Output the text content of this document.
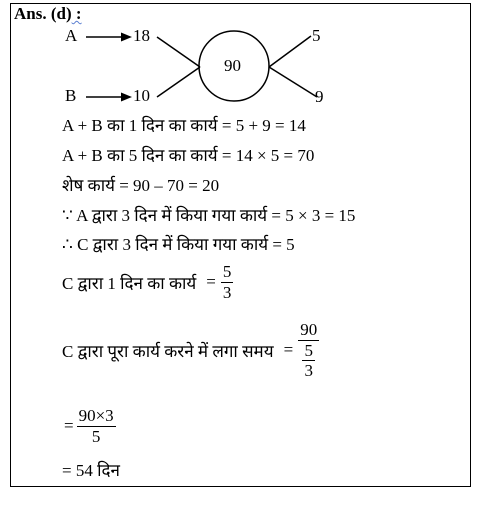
Ans. (d) :
A	18
B	10
90
5
9
A + B का 1 दिन का कार्य = 5 + 9 = 14
A + B का 5 दिन का कार्य = 14 × 5 = 70
शेष कार्य = 90 – 70 = 20
∵ A द्वारा 3 दिन में किया गया कार्य = 5 × 3 = 15
∴ C द्वारा 3 दिन में किया गया कार्य = 5
C द्वारा 1 दिन का कार्य = $\frac{5}{3}$
C द्वारा पूरा कार्य करने में लगा समय = $\frac{90}{\frac{5}{3}}$
= $\frac{90\times 3}{5}$
= 54 दिन
